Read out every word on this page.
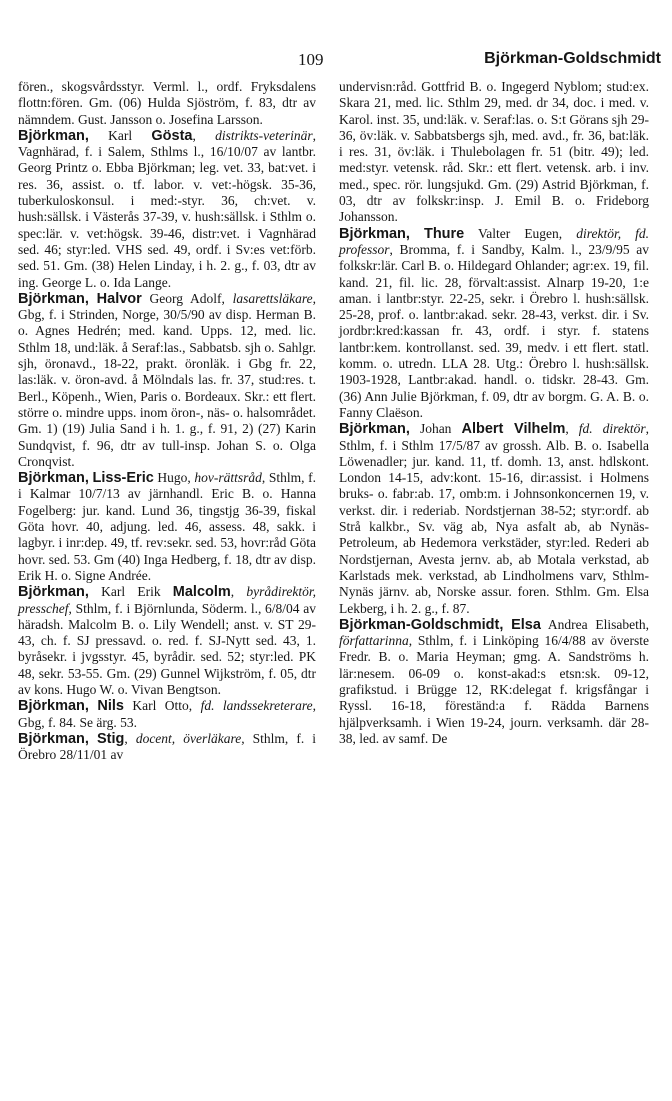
109	Björkman-Goldschmidt

fören., skogsvårdsstyr. Verml. l., ordf. Fryksdalens flottn:fören. Gm. (06) Hulda Sjöström, f. 83, dtr av nämndem. Gust. Jansson o. Josefina Larsson.

Björkman, Karl Gösta, distrikts-veterinär, Vagnhärad, f. i Salem, Sthlms l., 16/10/07 av lantbr. Georg Printz o. Ebba Björkman; leg. vet. 33, bat:vet. i res. 36, assist. o. tf. labor. v. vet:-högsk. 35-36, tuberkuloskonsul. i med:-styr. 36, ch:vet. v. hush:sällsk. i Västerås 37-39, v. hush:sällsk. i Sthlm o. spec:lär. v. vet:högsk. 39-46, distr:vet. i Vagnhärad sed. 46; styr:led. VHS sed. 49, ordf. i Sv:es vet:förb. sed. 51. Gm. (38) Helen Linday, i h. 2. g., f. 03, dtr av ing. George L. o. Ida Lange.

Björkman, Halvor Georg Adolf, lasarettsläkare, Gbg, f. i Strinden, Norge, 30/5/90 av disp. Herman B. o. Agnes Hedrén; med. kand. Upps. 12, med. lic. Sthlm 18, und:läk. å Seraf:las., Sabbatsb. sjh o. Sahlgr. sjh, öronavd., 18-22, prakt. öronläk. i Gbg fr. 22, las:läk. v. öron-avd. å Mölndals las. fr. 37, stud:res. t. Berl., Köpenh., Wien, Paris o. Bordeaux. Skr.: ett flert. större o. mindre upps. inom öron-, näs- o. halsområdet. Gm. 1) (19) Julia Sand i h. 1. g., f. 91, 2) (27) Karin Sundqvist, f. 96, dtr av tull-insp. Johan S. o. Olga Cronqvist.

Björkman, Liss-Eric Hugo, hov-rättsråd, Sthlm, f. i Kalmar 10/7/13 av järnhandl. Eric B. o. Hanna Fogelberg: jur. kand. Lund 36, tingstjg 36-39, fiskal Göta hovr. 40, adjung. led. 46, assess. 48, sakk. i lagbyr. i inr:dep. 49, tf. rev:sekr. sed. 53, hovr:råd Göta hovr. sed. 53. Gm (40) Inga Hedberg, f. 18, dtr av disp. Erik H. o. Signe Andrée.

Björkman, Karl Erik Malcolm, byrådirektör, presschef, Sthlm, f. i Björnlunda, Söderm. l., 6/8/04 av häradsh. Malcolm B. o. Lily Wendell; anst. v. ST 29-43, ch. f. SJ pressavd. o. red. f. SJ-Nytt sed. 43, 1. byråsekr. i jvgsstyr. 45, byrådir. sed. 52; styr:led. PK 48, sekr. 53-55. Gm. (29) Gunnel Wijkström, f. 05, dtr av kons. Hugo W. o. Vivan Bengtson.

Björkman, Nils Karl Otto, fd. landssekreterare, Gbg, f. 84. Se ärg. 53.

Björkman, Stig, docent, överläkare, Sthlm, f. i Örebro 28/11/01 av

undervisn:råd. Gottfrid B. o. Ingegerd Nyblom; stud:ex. Skara 21, med. lic. Sthlm 29, med. dr 34, doc. i med. v. Karol. inst. 35, und:läk. v. Seraf:las. o. S:t Görans sjh 29-36, öv:läk. v. Sabbatsbergs sjh, med. avd., fr. 36, bat:läk. i res. 31, öv:läk. i Thulebolagen fr. 51 (bitr. 49); led. med:styr. vetensk. råd. Skr.: ett flert. vetensk. arb. i inv. med., spec. rör. lungsjukd. Gm. (29) Astrid Björkman, f. 03, dtr av folkskr:insp. J. Emil B. o. Frideborg Johansson.

Björkman, Thure Valter Eugen, direktör, fd. professor, Bromma, f. i Sandby, Kalm. l., 23/9/95 av folkskr:lär. Carl B. o. Hildegard Ohlander; agr:ex. 19, fil. kand. 21, fil. lic. 28, förvalt:assist. Alnarp 19-20, 1:e aman. i lantbr:styr. 22-25, sekr. i Örebro l. hush:sällsk. 25-28, prof. o. lantbr:akad. sekr. 28-43, verkst. dir. i Sv. jordbr:kred:kassan fr. 43, ordf. i styr. f. statens lantbr:kem. kontrollanst. sed. 39, medv. i ett flert. statl. komm. o. utredn. LLA 28. Utg.: Örebro l. hush:sällsk. 1903-1928, Lantbr:akad. handl. o. tidskr. 28-43. Gm. (36) Ann Julie Björkman, f. 09, dtr av borgm. G. A. B. o. Fanny Claëson.

Björkman, Johan Albert Vilhelm, fd. direktör, Sthlm, f. i Sthlm 17/5/87 av grossh. Alb. B. o. Isabella Löwenadler; jur. kand. 11, tf. domh. 13, anst. hdlskont. London 14-15, adv:kont. 15-16, dir:assist. i Holmens bruks- o. fabr:ab. 17, omb:m. i Johnsonkoncernen 19, v. verkst. dir. i rederiab. Nordstjernan 38-52; styr:ordf. ab Strå kalkbr., Sv. väg ab, Nya asfalt ab, ab Nynäs-Petroleum, ab Hedemora verkstäder, styr:led. Rederi ab Nordstjernan, Avesta jernv. ab, ab Motala verkstad, ab Karlstads mek. verkstad, ab Lindholmens varv, Sthlm-Nynäs järnv. ab, Norske assur. foren. Sthlm. Gm. Elsa Lekberg, i h. 2. g., f. 87.

Björkman-Goldschmidt, Elsa Andrea Elisabeth, författarinna, Sthlm, f. i Linköping 16/4/88 av överste Fredr. B. o. Maria Heyman; gmg. A. Sandströms h. lär:nesem. 06-09 o. konst-akad:s etsn:sk. 09-12, grafikstud. i Brügge 12, RK:delegat f. krigsfångar i Ryssl. 16-18, föreständ:a f. Rädda Barnens hjälpverksamh. i Wien 19-24, journ. verksamh. där 28-38, led. av samf. De
